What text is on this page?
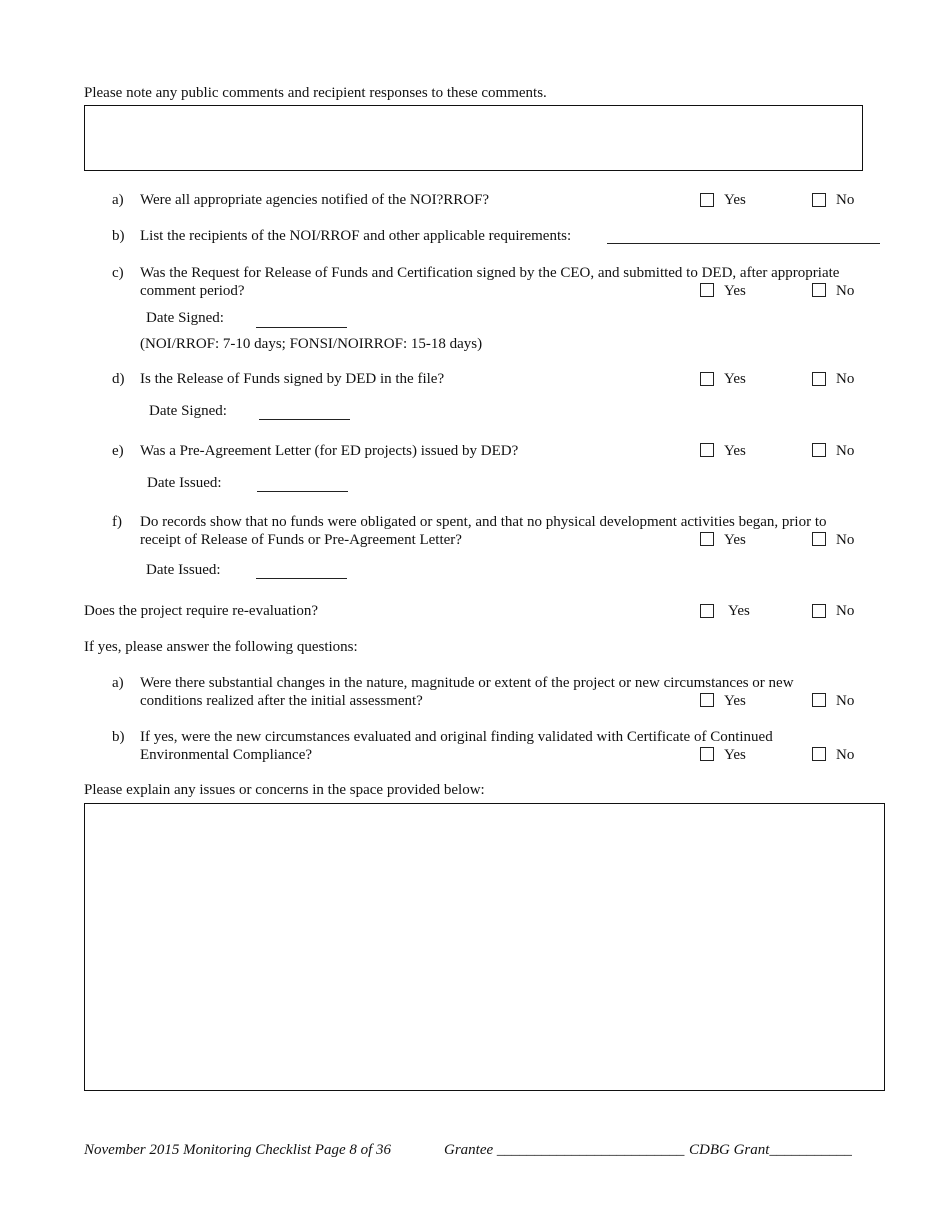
Please note any public comments and recipient responses to these comments.
a) Were all appropriate agencies notified of the NOI?RROF?	Yes	No
b) List the recipients of the NOI/RROF and other applicable requirements:
c) Was the Request for Release of Funds and Certification signed by the CEO, and submitted to DED, after appropriate
comment period?	Yes	No
Date Signed:
(NOI/RROF: 7-10 days; FONSI/NOIRROF: 15-18 days)
d) Is the Release of Funds signed by DED in the file?	Yes	No
Date Signed:
e) Was a Pre-Agreement Letter (for ED projects) issued by DED?	Yes	No
Date Issued:
f) Do records show that no funds were obligated or spent, and that no physical development activities began, prior to
receipt of Release of Funds or Pre-Agreement Letter?	Yes	No
Date Issued:
Does the project require re-evaluation?	Yes	No
If yes, please answer the following questions:
a) Were there substantial changes in the nature, magnitude or extent of the project or new circumstances or new
conditions realized after the initial assessment?	Yes	No
b) If yes, were the new circumstances evaluated and original finding validated with Certificate of Continued
Environmental Compliance?	Yes	No
Please explain any issues or concerns in the space provided below:
November 2015 Monitoring Checklist Page 8 of 36	Grantee _________________________ CDBG Grant___________
